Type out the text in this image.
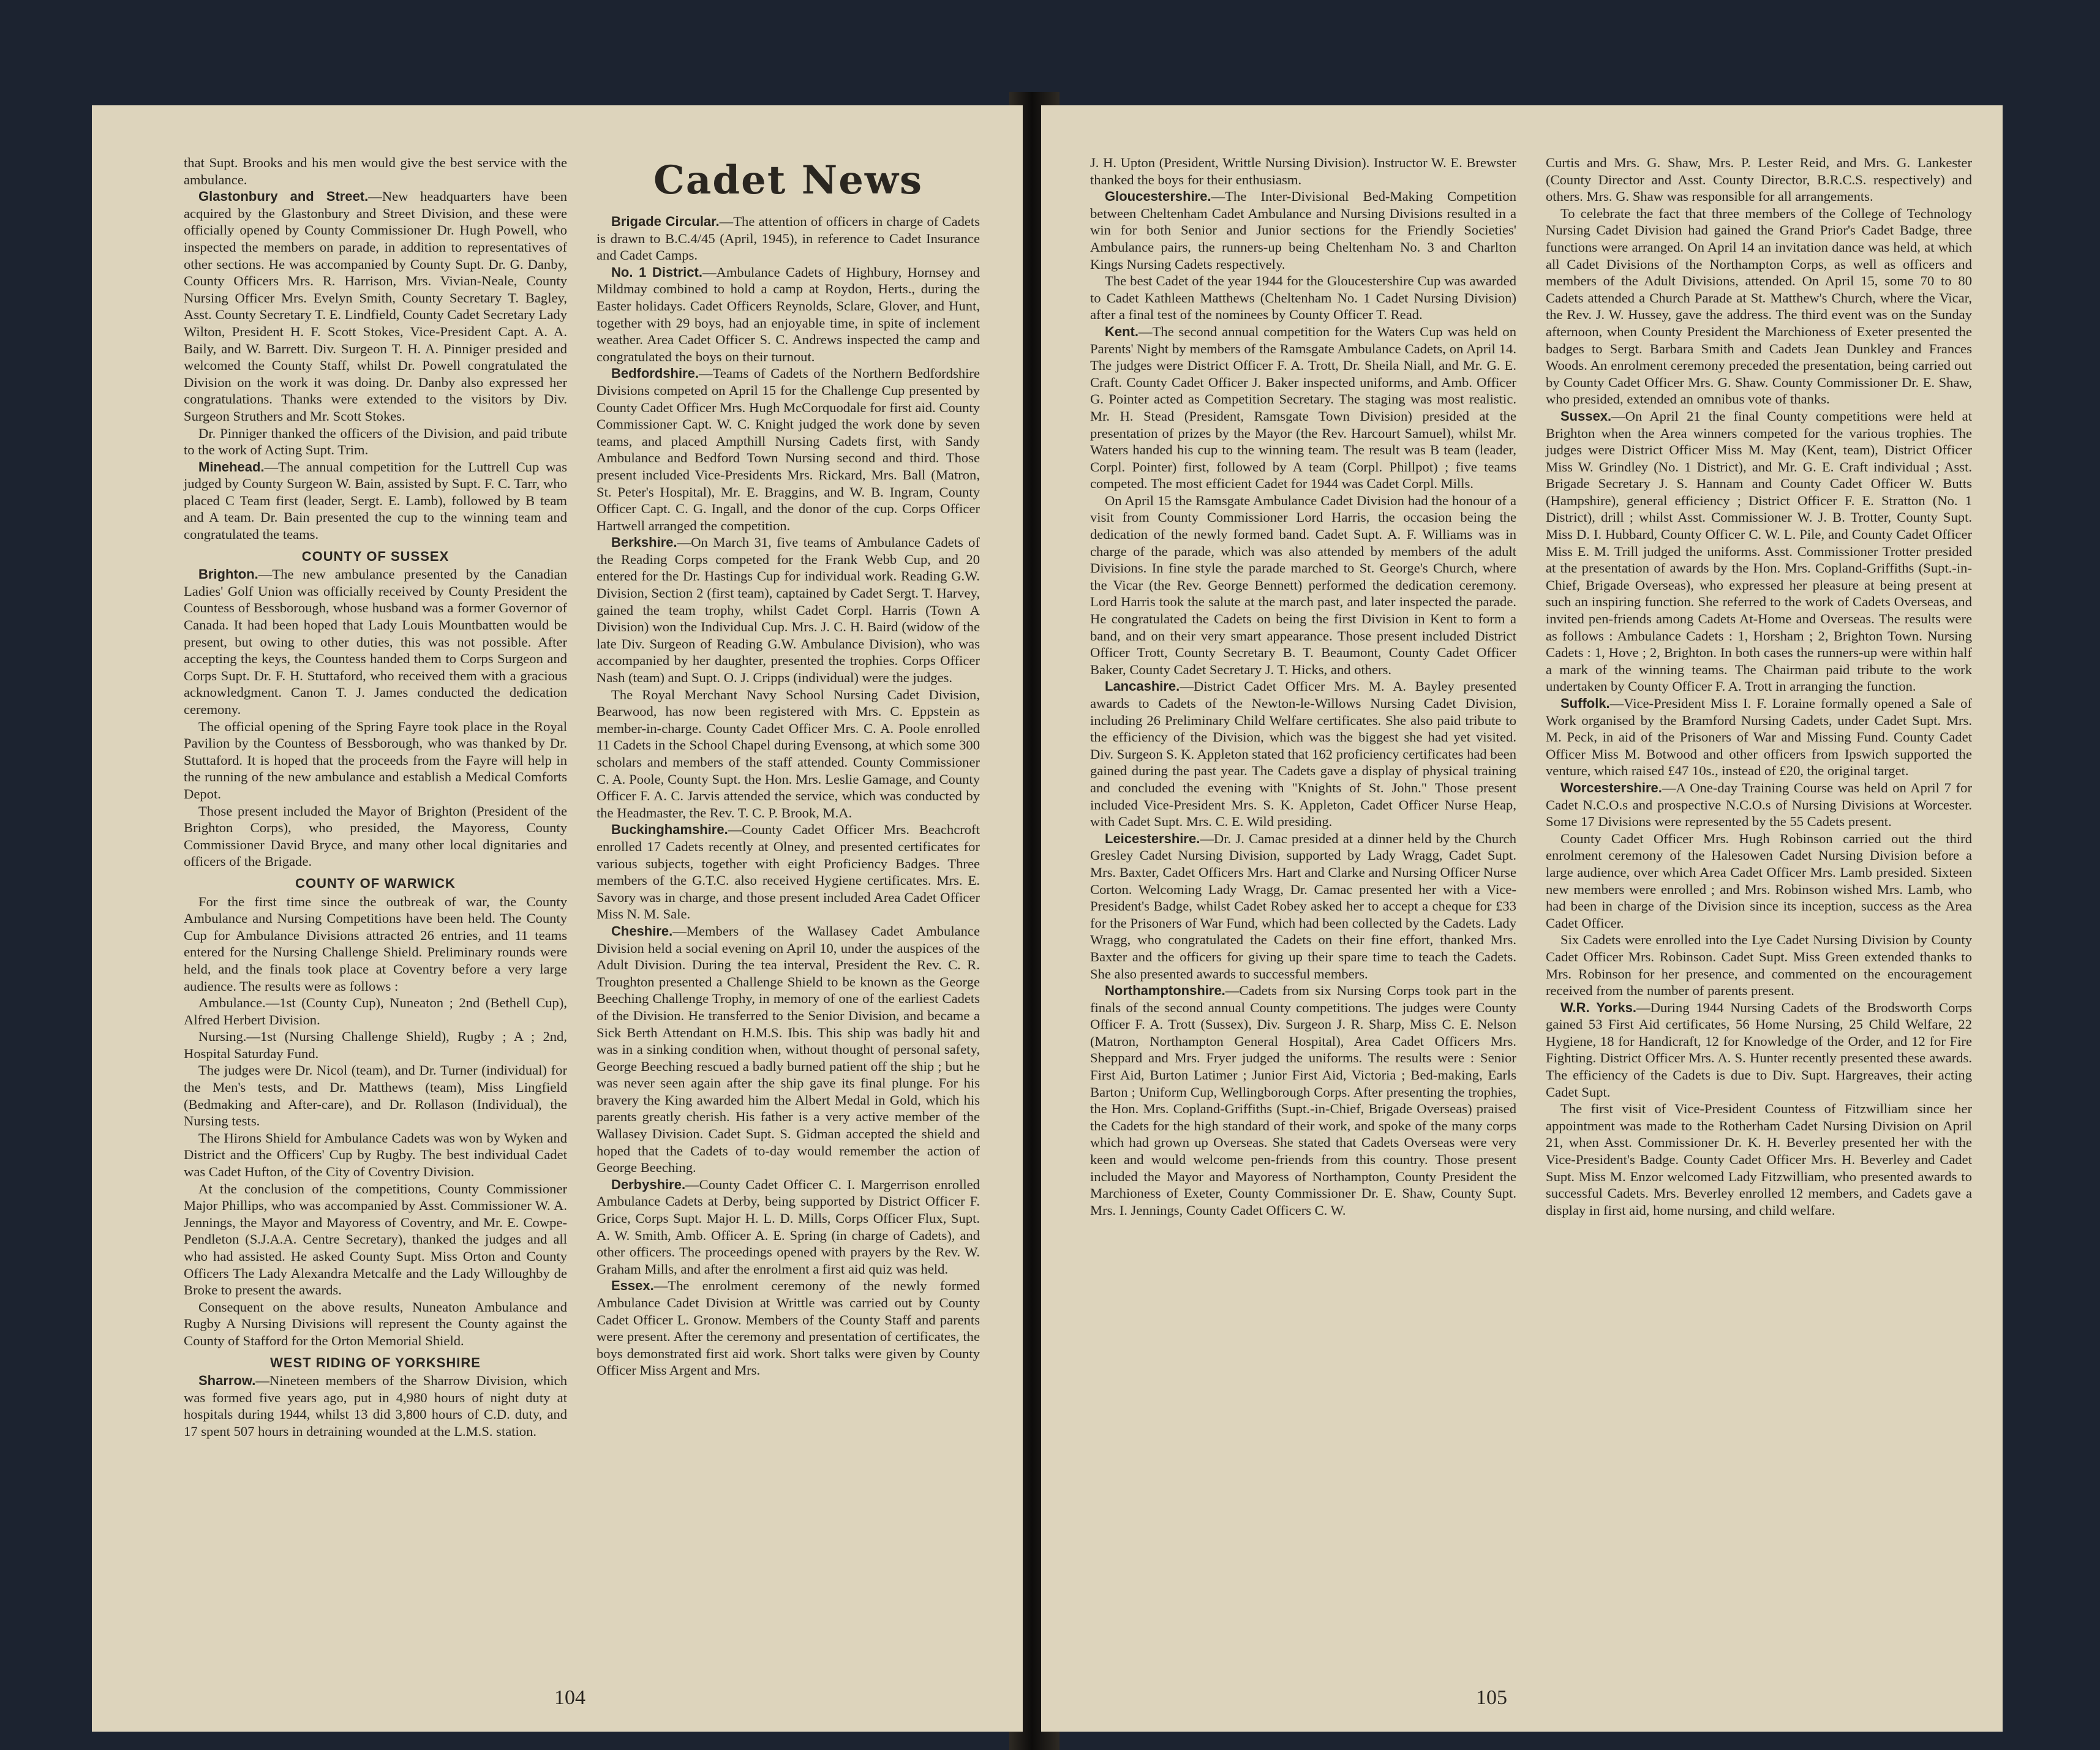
that Supt. Brooks and his men would give the best service with the ambulance.

Glastonbury and Street.—New headquarters have been acquired by the Glastonbury and Street Division, and these were officially opened by County Commissioner Dr. Hugh Powell, who inspected the members on parade, in addition to representatives of other sections. He was accompanied by County Supt. Dr. G. Danby, County Officers Mrs. R. Harrison, Mrs. Vivian-Neale, County Nursing Officer Mrs. Evelyn Smith, County Secretary T. Bagley, Asst. County Secretary T. E. Lindfield, County Cadet Secretary Lady Wilton, President H. F. Scott Stokes, Vice-President Capt. A. A. Baily, and W. Barrett. Div. Surgeon T. H. A. Pinniger presided and welcomed the County Staff, whilst Dr. Powell congratulated the Division on the work it was doing. Dr. Danby also expressed her congratulations. Thanks were extended to the visitors by Div. Surgeon Struthers and Mr. Scott Stokes.

Dr. Pinniger thanked the officers of the Division, and paid tribute to the work of Acting Supt. Trim.

Minehead.—The annual competition for the Luttrell Cup was judged by County Surgeon W. Bain, assisted by Supt. F. C. Tarr, who placed C Team first (leader, Sergt. E. Lamb), followed by B team and A team. Dr. Bain presented the cup to the winning team and congratulated the teams.

COUNTY OF SUSSEX

Brighton.—The new ambulance presented by the Canadian Ladies' Golf Union was officially received by County President the Countess of Bessborough, whose husband was a former Governor of Canada. It had been hoped that Lady Louis Mountbatten would be present, but owing to other duties, this was not possible. After accepting the keys, the Countess handed them to Corps Surgeon and Corps Supt. Dr. F. H. Stuttaford, who received them with a gracious acknowledgment. Canon T. J. James conducted the dedication ceremony.

The official opening of the Spring Fayre took place in the Royal Pavilion by the Countess of Bessborough, who was thanked by Dr. Stuttaford. It is hoped that the proceeds from the Fayre will help in the running of the new ambulance and establish a Medical Comforts Depot.

Those present included the Mayor of Brighton (President of the Brighton Corps), who presided, the Mayoress, County Commissioner David Bryce, and many other local dignitaries and officers of the Brigade.

COUNTY OF WARWICK

For the first time since the outbreak of war, the County Ambulance and Nursing Competitions have been held. The County Cup for Ambulance Divisions attracted 26 entries, and 11 teams entered for the Nursing Challenge Shield. Preliminary rounds were held, and the finals took place at Coventry before a very large audience. The results were as follows :

Ambulance.—1st (County Cup), Nuneaton ; 2nd (Bethell Cup), Alfred Herbert Division.

Nursing.—1st (Nursing Challenge Shield), Rugby ; A ; 2nd, Hospital Saturday Fund.

The judges were Dr. Nicol (team), and Dr. Turner (individual) for the Men's tests, and Dr. Matthews (team), Miss Lingfield (Bedmaking and After-care), and Dr. Rollason (Individual), the Nursing tests.

The Hirons Shield for Ambulance Cadets was won by Wyken and District and the Officers' Cup by Rugby. The best individual Cadet was Cadet Hufton, of the City of Coventry Division.

At the conclusion of the competitions, County Commissioner Major Phillips, who was accompanied by Asst. Commissioner W. A. Jennings, the Mayor and Mayoress of Coventry, and Mr. E. Cowpe-Pendleton (S.J.A.A. Centre Secretary), thanked the judges and all who had assisted. He asked County Supt. Miss Orton and County Officers The Lady Alexandra Metcalfe and the Lady Willoughby de Broke to present the awards.

Consequent on the above results, Nuneaton Ambulance and Rugby A Nursing Divisions will represent the County against the County of Stafford for the Orton Memorial Shield.

WEST RIDING OF YORKSHIRE

Sharrow.—Nineteen members of the Sharrow Division, which was formed five years ago, put in 4,980 hours of night duty at hospitals during 1944, whilst 13 did 3,800 hours of C.D. duty, and 17 spent 507 hours in detraining wounded at the L.M.S. station.

Cadet News

Brigade Circular.—The attention of officers in charge of Cadets is drawn to B.C.4/45 (April, 1945), in reference to Cadet Insurance and Cadet Camps.

No. 1 District.—Ambulance Cadets of Highbury, Hornsey and Mildmay combined to hold a camp at Roydon, Herts., during the Easter holidays. Cadet Officers Reynolds, Sclare, Glover, and Hunt, together with 29 boys, had an enjoyable time, in spite of inclement weather. Area Cadet Officer S. C. Andrews inspected the camp and congratulated the boys on their turnout.

Bedfordshire.—Teams of Cadets of the Northern Bedfordshire Divisions competed on April 15 for the Challenge Cup presented by County Cadet Officer Mrs. Hugh McCorquodale for first aid. County Commissioner Capt. W. C. Knight judged the work done by seven teams, and placed Ampthill Nursing Cadets first, with Sandy Ambulance and Bedford Town Nursing second and third. Those present included Vice-Presidents Mrs. Rickard, Mrs. Ball (Matron, St. Peter's Hospital), Mr. E. Braggins, and W. B. Ingram, County Officer Capt. C. G. Ingall, and the donor of the cup. Corps Officer Hartwell arranged the competition.

Berkshire.—On March 31, five teams of Ambulance Cadets of the Reading Corps competed for the Frank Webb Cup, and 20 entered for the Dr. Hastings Cup for individual work. Reading G.W. Division, Section 2 (first team), captained by Cadet Sergt. T. Harvey, gained the team trophy, whilst Cadet Corpl. Harris (Town A Division) won the Individual Cup. Mrs. J. C. H. Baird (widow of the late Div. Surgeon of Reading G.W. Ambulance Division), who was accompanied by her daughter, presented the trophies. Corps Officer Nash (team) and Supt. O. J. Cripps (individual) were the judges.

The Royal Merchant Navy School Nursing Cadet Division, Bearwood, has now been registered with Mrs. C. Eppstein as member-in-charge. County Cadet Officer Mrs. C. A. Poole enrolled 11 Cadets in the School Chapel during Evensong, at which some 300 scholars and members of the staff attended. County Commissioner C. A. Poole, County Supt. the Hon. Mrs. Leslie Gamage, and County Officer F. A. C. Jarvis attended the service, which was conducted by the Headmaster, the Rev. T. C. P. Brook, M.A.

Buckinghamshire.—County Cadet Officer Mrs. Beachcroft enrolled 17 Cadets recently at Olney, and presented certificates for various subjects, together with eight Proficiency Badges. Three members of the G.T.C. also received Hygiene certificates. Mrs. E. Savory was in charge, and those present included Area Cadet Officer Miss N. M. Sale.

Cheshire.—Members of the Wallasey Cadet Ambulance Division held a social evening on April 10, under the auspices of the Adult Division. During the tea interval, President the Rev. C. R. Troughton presented a Challenge Shield to be known as the George Beeching Challenge Trophy, in memory of one of the earliest Cadets of the Division. He transferred to the Senior Division, and became a Sick Berth Attendant on H.M.S. Ibis. This ship was badly hit and was in a sinking condition when, without thought of personal safety, George Beeching rescued a badly burned patient off the ship ; but he was never seen again after the ship gave its final plunge. For his bravery the King awarded him the Albert Medal in Gold, which his parents greatly cherish. His father is a very active member of the Wallasey Division. Cadet Supt. S. Gidman accepted the shield and hoped that the Cadets of to-day would remember the action of George Beeching.

Derbyshire.—County Cadet Officer C. I. Margerrison enrolled Ambulance Cadets at Derby, being supported by District Officer F. Grice, Corps Supt. Major H. L. D. Mills, Corps Officer Flux, Supt. A. W. Smith, Amb. Officer A. E. Spring (in charge of Cadets), and other officers. The proceedings opened with prayers by the Rev. W. Graham Mills, and after the enrolment a first aid quiz was held.

Essex.—The enrolment ceremony of the newly formed Ambulance Cadet Division at Writtle was carried out by County Cadet Officer L. Gronow. Members of the County Staff and parents were present. After the ceremony and presentation of certificates, the boys demonstrated first aid work. Short talks were given by County Officer Miss Argent and Mrs.

104

J. H. Upton (President, Writtle Nursing Division). Instructor W. E. Brewster thanked the boys for their enthusiasm.

Gloucestershire.—The Inter-Divisional Bed-Making Competition between Cheltenham Cadet Ambulance and Nursing Divisions resulted in a win for both Senior and Junior sections for the Friendly Societies' Ambulance pairs, the runners-up being Cheltenham No. 3 and Charlton Kings Nursing Cadets respectively.

The best Cadet of the year 1944 for the Gloucestershire Cup was awarded to Cadet Kathleen Matthews (Cheltenham No. 1 Cadet Nursing Division) after a final test of the nominees by County Officer T. Read.

Kent.—The second annual competition for the Waters Cup was held on Parents' Night by members of the Ramsgate Ambulance Cadets, on April 14. The judges were District Officer F. A. Trott, Dr. Sheila Niall, and Mr. G. E. Craft. County Cadet Officer J. Baker inspected uniforms, and Amb. Officer G. Pointer acted as Competition Secretary. The staging was most realistic. Mr. H. Stead (President, Ramsgate Town Division) presided at the presentation of prizes by the Mayor (the Rev. Harcourt Samuel), whilst Mr. Waters handed his cup to the winning team. The result was B team (leader, Corpl. Pointer) first, followed by A team (Corpl. Phillpot) ; five teams competed. The most efficient Cadet for 1944 was Cadet Corpl. Mills.

On April 15 the Ramsgate Ambulance Cadet Division had the honour of a visit from County Commissioner Lord Harris, the occasion being the dedication of the newly formed band. Cadet Supt. A. F. Williams was in charge of the parade, which was also attended by members of the adult Divisions. In fine style the parade marched to St. George's Church, where the Vicar (the Rev. George Bennett) performed the dedication ceremony. Lord Harris took the salute at the march past, and later inspected the parade. He congratulated the Cadets on being the first Division in Kent to form a band, and on their very smart appearance. Those present included District Officer Trott, County Secretary B. T. Beaumont, County Cadet Officer Baker, County Cadet Secretary J. T. Hicks, and others.

Lancashire.—District Cadet Officer Mrs. M. A. Bayley presented awards to Cadets of the Newton-le-Willows Nursing Cadet Division, including 26 Preliminary Child Welfare certificates. She also paid tribute to the efficiency of the Division, which was the biggest she had yet visited. Div. Surgeon S. K. Appleton stated that 162 proficiency certificates had been gained during the past year. The Cadets gave a display of physical training and concluded the evening with "Knights of St. John." Those present included Vice-President Mrs. S. K. Appleton, Cadet Officer Nurse Heap, with Cadet Supt. Mrs. C. E. Wild presiding.

Leicestershire.—Dr. J. Camac presided at a dinner held by the Church Gresley Cadet Nursing Division, supported by Lady Wragg, Cadet Supt. Mrs. Baxter, Cadet Officers Mrs. Hart and Clarke and Nursing Officer Nurse Corton. Welcoming Lady Wragg, Dr. Camac presented her with a Vice-President's Badge, whilst Cadet Robey asked her to accept a cheque for £33 for the Prisoners of War Fund, which had been collected by the Cadets. Lady Wragg, who congratulated the Cadets on their fine effort, thanked Mrs. Baxter and the officers for giving up their spare time to teach the Cadets. She also presented awards to successful members.

Northamptonshire.—Cadets from six Nursing Corps took part in the finals of the second annual County competitions. The judges were County Officer F. A. Trott (Sussex), Div. Surgeon J. R. Sharp, Miss C. E. Nelson (Matron, Northampton General Hospital), Area Cadet Officers Mrs. Sheppard and Mrs. Fryer judged the uniforms. The results were : Senior First Aid, Burton Latimer ; Junior First Aid, Victoria ; Bed-making, Earls Barton ; Uniform Cup, Wellingborough Corps. After presenting the trophies, the Hon. Mrs. Copland-Griffiths (Supt.-in-Chief, Brigade Overseas) praised the Cadets for the high standard of their work, and spoke of the many corps which had grown up Overseas. She stated that Cadets Overseas were very keen and would welcome pen-friends from this country. Those present included the Mayor and Mayoress of Northampton, County President the Marchioness of Exeter, County Commissioner Dr. E. Shaw, County Supt. Mrs. I. Jennings, County Cadet Officers C. W.

Curtis and Mrs. G. Shaw, Mrs. P. Lester Reid, and Mrs. G. Lankester (County Director and Asst. County Director, B.R.C.S. respectively) and others. Mrs. G. Shaw was responsible for all arrangements.

To celebrate the fact that three members of the College of Technology Nursing Cadet Division had gained the Grand Prior's Cadet Badge, three functions were arranged. On April 14 an invitation dance was held, at which all Cadet Divisions of the Northampton Corps, as well as officers and members of the Adult Divisions, attended. On April 15, some 70 to 80 Cadets attended a Church Parade at St. Matthew's Church, where the Vicar, the Rev. J. W. Hussey, gave the address. The third event was on the Sunday afternoon, when County President the Marchioness of Exeter presented the badges to Sergt. Barbara Smith and Cadets Jean Dunkley and Frances Woods. An enrolment ceremony preceded the presentation, being carried out by County Cadet Officer Mrs. G. Shaw. County Commissioner Dr. E. Shaw, who presided, extended an omnibus vote of thanks.

Sussex.—On April 21 the final County competitions were held at Brighton when the Area winners competed for the various trophies. The judges were District Officer Miss M. May (Kent, team), District Officer Miss W. Grindley (No. 1 District), and Mr. G. E. Craft individual ; Asst. Brigade Secretary J. S. Hannam and County Cadet Officer W. Butts (Hampshire), general efficiency ; District Officer F. E. Stratton (No. 1 District), drill ; whilst Asst. Commissioner W. J. B. Trotter, County Supt. Miss D. I. Hubbard, County Officer C. W. L. Pile, and County Cadet Officer Miss E. M. Trill judged the uniforms. Asst. Commissioner Trotter presided at the presentation of awards by the Hon. Mrs. Copland-Griffiths (Supt.-in-Chief, Brigade Overseas), who expressed her pleasure at being present at such an inspiring function. She referred to the work of Cadets Overseas, and invited pen-friends among Cadets At-Home and Overseas. The results were as follows : Ambulance Cadets : 1, Horsham ; 2, Brighton Town. Nursing Cadets : 1, Hove ; 2, Brighton. In both cases the runners-up were within half a mark of the winning teams. The Chairman paid tribute to the work undertaken by County Officer F. A. Trott in arranging the function.

Suffolk.—Vice-President Miss I. F. Loraine formally opened a Sale of Work organised by the Bramford Nursing Cadets, under Cadet Supt. Mrs. M. Peck, in aid of the Prisoners of War and Missing Fund. County Cadet Officer Miss M. Botwood and other officers from Ipswich supported the venture, which raised £47 10s., instead of £20, the original target.

Worcestershire.—A One-day Training Course was held on April 7 for Cadet N.C.O.s and prospective N.C.O.s of Nursing Divisions at Worcester. Some 17 Divisions were represented by the 55 Cadets present.

County Cadet Officer Mrs. Hugh Robinson carried out the third enrolment ceremony of the Halesowen Cadet Nursing Division before a large audience, over which Area Cadet Officer Mrs. Lamb presided. Sixteen new members were enrolled ; and Mrs. Robinson wished Mrs. Lamb, who had been in charge of the Division since its inception, success as the Area Cadet Officer.

Six Cadets were enrolled into the Lye Cadet Nursing Division by County Cadet Officer Mrs. Robinson. Cadet Supt. Miss Green extended thanks to Mrs. Robinson for her presence, and commented on the encouragement received from the number of parents present.

W.R. Yorks.—During 1944 Nursing Cadets of the Brodsworth Corps gained 53 First Aid certificates, 56 Home Nursing, 25 Child Welfare, 22 Hygiene, 18 for Handicraft, 12 for Knowledge of the Order, and 12 for Fire Fighting. District Officer Mrs. A. S. Hunter recently presented these awards. The efficiency of the Cadets is due to Div. Supt. Hargreaves, their acting Cadet Supt.

The first visit of Vice-President Countess of Fitzwilliam since her appointment was made to the Rotherham Cadet Nursing Division on April 21, when Asst. Commissioner Dr. K. H. Beverley presented her with the Vice-President's Badge. County Cadet Officer Mrs. H. Beverley and Cadet Supt. Miss M. Enzor welcomed Lady Fitzwilliam, who presented awards to successful Cadets. Mrs. Beverley enrolled 12 members, and Cadets gave a display in first aid, home nursing, and child welfare.

105
